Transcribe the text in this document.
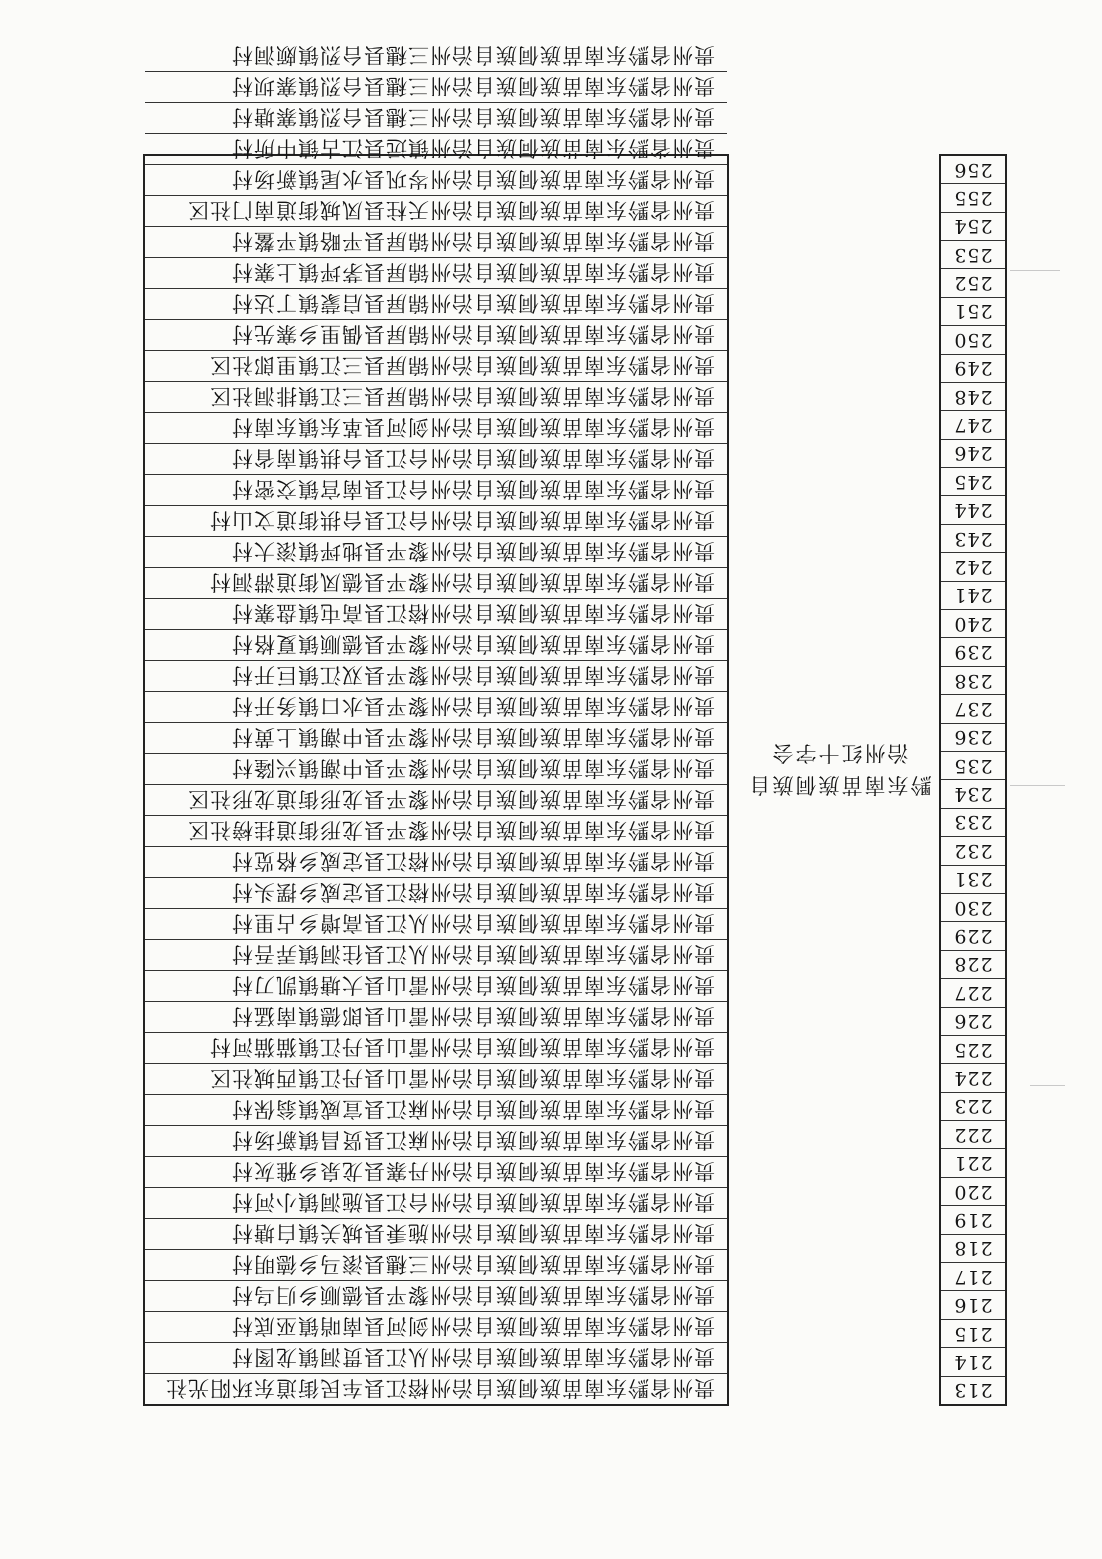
213
214
215
216
217
218
219
220
221
222
223
224
225
226
227
228
229
230
231
232
233
234
235
236
237
238
239
240
241
242
243
244
245
246
247
248
249
250
251
252
253
254
255
256
黔东南苗族侗族自治州红十字会
贵州省黔东南苗族侗族自治州榕江县车民街道东环阳光社
贵州省黔东南苗族侗族自治州从江县贯洞镇龙图村
贵州省黔东南苗族侗族自治州剑河县南哨镇巫底村
贵州省黔东南苗族侗族自治州黎平县德顺乡归乌村
贵州省黔东南苗族侗族自治州三穗县滚马乡德明村
贵州省黔东南苗族侗族自治州施秉县城关镇白塘村
贵州省黔东南苗族侗族自治州台江县施洞镇小河村
贵州省黔东南苗族侗族自治州丹寨县龙泉乡雅灰村
贵州省黔东南苗族侗族自治州麻江县贤昌镇新场村
贵州省黔东南苗族侗族自治州麻江县宣威镇翁保村
贵州省黔东南苗族侗族自治州雷山县丹江镇西城社区
贵州省黔东南苗族侗族自治州雷山县丹江镇猫猫河村
贵州省黔东南苗族侗族自治州雷山县郎德镇南猛村
贵州省黔东南苗族侗族自治州雷山县大塘镇凯刀村
贵州省黔东南苗族侗族自治州从江县往洞镇弄吾村
贵州省黔东南苗族侗族自治州从江县高增乡占里村
贵州省黔东南苗族侗族自治州榕江县定威乡摆头村
贵州省黔东南苗族侗族自治州榕江县定威乡格览村
贵州省黔东南苗族侗族自治州黎平县龙形街道挂榜社区
贵州省黔东南苗族侗族自治州黎平县龙形街道龙形社区
贵州省黔东南苗族侗族自治州黎平县中潮镇兴隆村
贵州省黔东南苗族侗族自治州黎平县中潮镇上黄村
贵州省黔东南苗族侗族自治州黎平县水口镇务开村
贵州省黔东南苗族侗族自治州黎平县双江镇巨开村
贵州省黔东南苗族侗族自治州黎平县德顺镇夏格村
贵州省黔东南苗族侗族自治州榕江县高屯镇盘寨村
贵州省黔东南苗族侗族自治州黎平县德凤街道滞洞村
贵州省黔东南苗族侗族自治州黎平县地坪镇滚大村
贵州省黔东南苗族侗族自治州台江县台拱街道文山村
贵州省黔东南苗族侗族自治州台江县南宫镇交密村
贵州省黔东南苗族侗族自治州台江县台拱镇南省村
贵州省黔东南苗族侗族自治州剑河县革东镇东南村
贵州省黔东南苗族侗族自治州锦屏县三江镇排洞社区
贵州省黔东南苗族侗族自治州锦屏县三江镇里郎社区
贵州省黔东南苗族侗族自治州锦屏县偶里乡寨先村
贵州省黔东南苗族侗族自治州锦屏县启蒙镇丁达村
贵州省黔东南苗族侗族自治州锦屏县茅坪镇上寨村
贵州省黔东南苗族侗族自治州锦屏县平略镇平鳌村
贵州省黔东南苗族侗族自治州天柱县凤城街道南门社区
贵州省黔东南苗族侗族自治州岑巩县水尾镇新场村
贵州省黔东南苗族侗族自治州镇远县江古镇中所村
贵州省黔东南苗族侗族自治州三穗县台烈镇寨塘村
贵州省黔东南苗族侗族自治州三穗县台烈镇寨坝村
贵州省黔东南苗族侗族自治州三穗县台烈镇颇洞村
